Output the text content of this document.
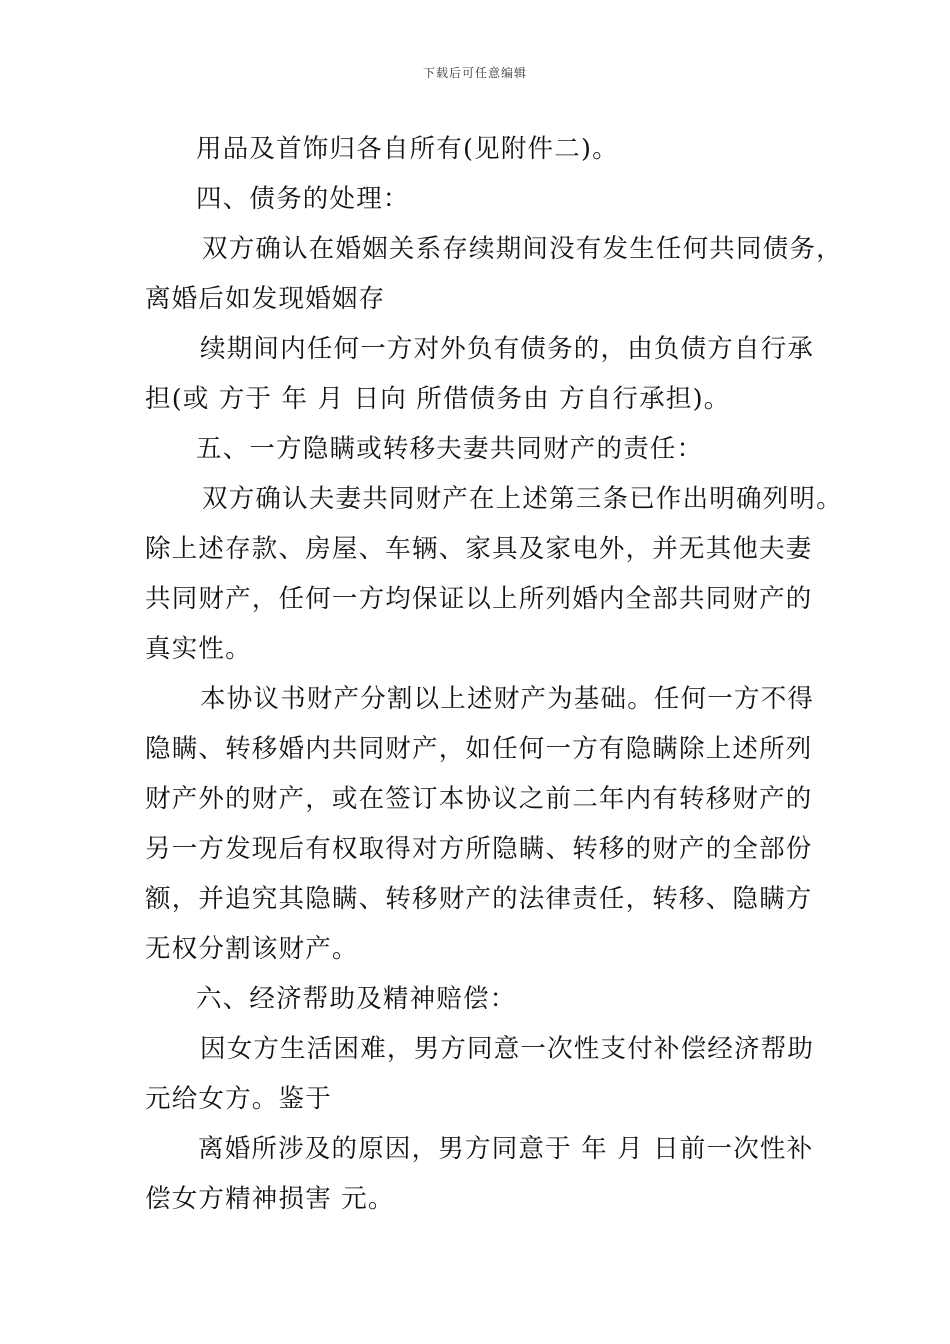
下载后可任意编辑
用品及首饰归各自所有(见附件二)。
四、债务的处理：
双方确认在婚姻关系存续期间没有发生任何共同债务，
离婚后如发现婚姻存
续期间内任何一方对外负有债务的，由负债方自行承
担(或 方于 年 月 日向 所借债务由 方自行承担)。
五、一方隐瞒或转移夫妻共同财产的责任：
双方确认夫妻共同财产在上述第三条已作出明确列明。
除上述存款、房屋、车辆、家具及家电外，并无其他夫妻
共同财产，任何一方均保证以上所列婚内全部共同财产的
真实性。
本协议书财产分割以上述财产为基础。任何一方不得
隐瞒、转移婚内共同财产，如任何一方有隐瞒除上述所列
财产外的财产，或在签订本协议之前二年内有转移财产的
另一方发现后有权取得对方所隐瞒、转移的财产的全部份
额，并追究其隐瞒、转移财产的法律责任，转移、隐瞒方
无权分割该财产。
六、经济帮助及精神赔偿：
因女方生活困难，男方同意一次性支付补偿经济帮助
元给女方。鉴于
离婚所涉及的原因，男方同意于 年 月 日前一次性补
偿女方精神损害 元。
